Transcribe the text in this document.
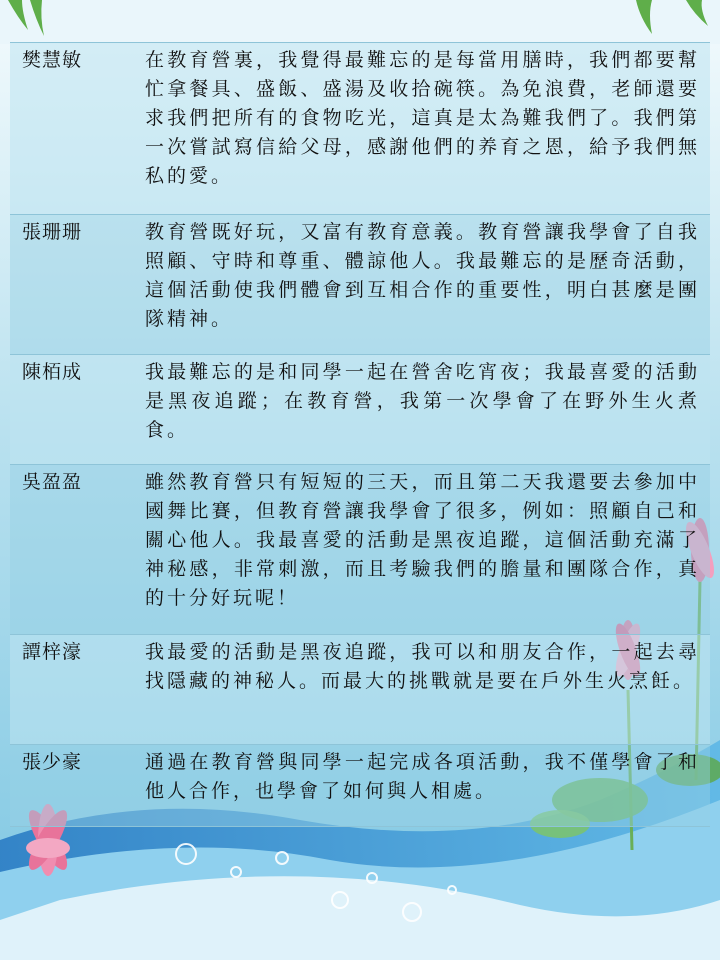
樊慧敏	在教育營裏，我覺得最難忘的是每當用膳時，我們都要幫忙拿餐具、盛飯、盛湯及收拾碗筷。為免浪費，老師還要求我們把所有的食物吃光，這真是太為難我們了。我們第一次嘗試寫信給父母，感謝他們的养育之恩，給予我們無私的愛。
張珊珊	教育營既好玩，又富有教育意義。教育營讓我學會了自我照顧、守時和尊重、體諒他人。我最難忘的是歷奇活動，這個活動使我們體會到互相合作的重要性，明白甚麼是團隊精神。
陳栢成	我最難忘的是和同學一起在營舍吃宵夜；我最喜愛的活動是黑夜追蹤；在教育營，我第一次學會了在野外生火煮食。
吳盈盈	雖然教育營只有短短的三天，而且第二天我還要去參加中國舞比賽，但教育營讓我學會了很多，例如：照顧自己和關心他人。我最喜愛的活動是黑夜追蹤，這個活動充滿了神秘感，非常刺激，而且考驗我們的膽量和團隊合作，真的十分好玩呢！
譚梓濠	我最愛的活動是黑夜追蹤，我可以和朋友合作，一起去尋找隱藏的神秘人。而最大的挑戰就是要在戶外生火烹飪。
張少豪	通過在教育營與同學一起完成各項活動，我不僅學會了和他人合作，也學會了如何與人相處。
